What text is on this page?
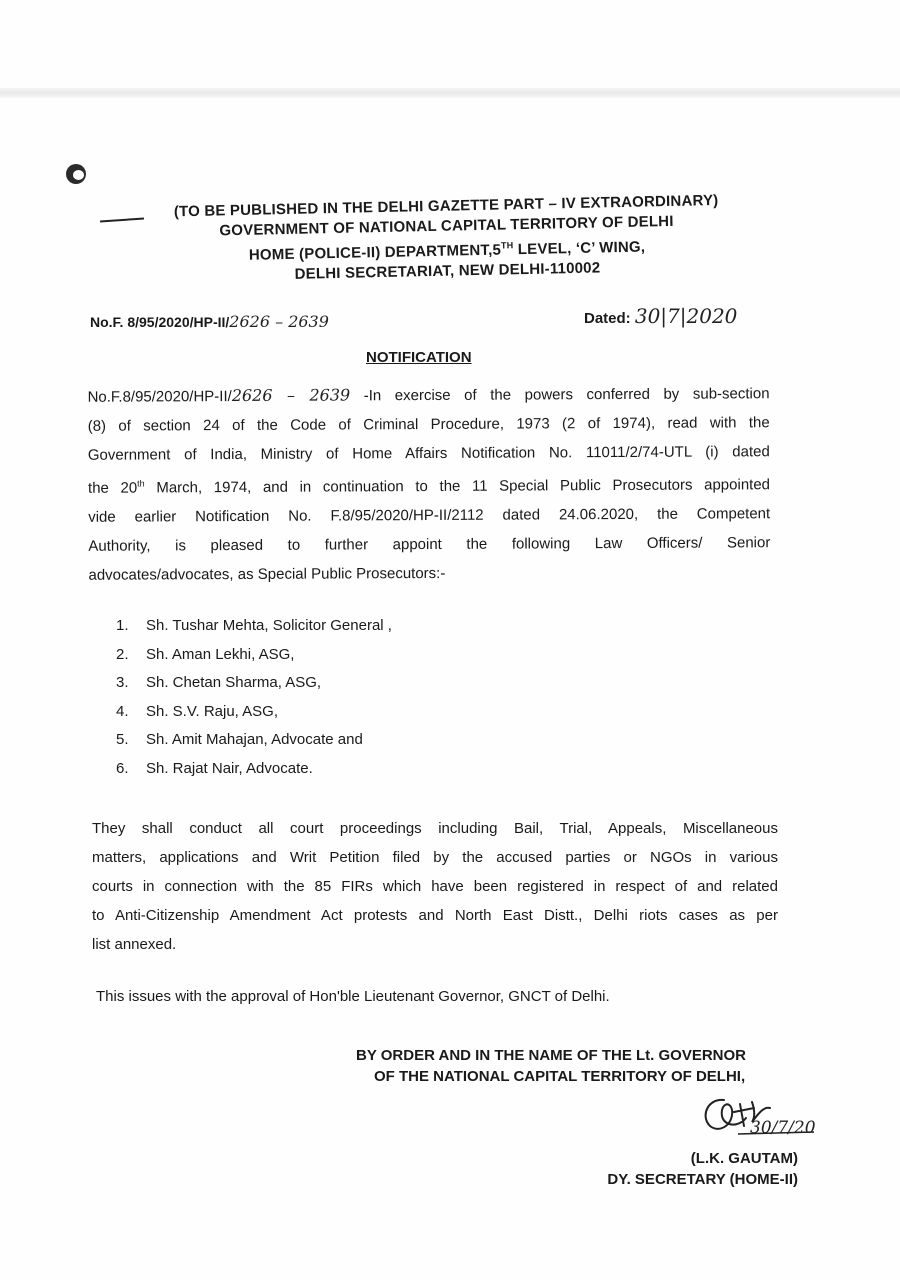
(TO BE PUBLISHED IN THE DELHI GAZETTE PART – IV EXTRAORDINARY)
GOVERNMENT OF NATIONAL CAPITAL TERRITORY OF DELHI
HOME (POLICE-II) DEPARTMENT,5TH LEVEL, ‘C’ WING,
DELHI SECRETARIAT, NEW DELHI-110002
No.F. 8/95/2020/HP-II/2626 – 2639	Dated: 30|7|2020
NOTIFICATION

No.F.8/95/2020/HP-II/2626 – 2639 -In exercise of the powers conferred by sub-section

(8) of section 24 of the Code of Criminal Procedure, 1973 (2 of 1974), read with the

Government of India, Ministry of Home Affairs Notification No. 11011/2/74-UTL (i) dated

the 20th March, 1974, and in continuation to the 11 Special Public Prosecutors appointed

vide earlier Notification No. F.8/95/2020/HP-II/2112 dated 24.06.2020, the Competent

Authority, is pleased to further appoint the following Law Officers/ Senior

advocates/advocates, as Special Public Prosecutors:-

1.	Sh. Tushar Mehta, Solicitor General ,
2.	Sh. Aman Lekhi, ASG,
3.	Sh. Chetan Sharma, ASG,
4.	Sh. S.V. Raju, ASG,
5.	Sh. Amit Mahajan, Advocate and
6.	Sh. Rajat Nair, Advocate.

They shall conduct all court proceedings including Bail, Trial, Appeals, Miscellaneous

matters, applications and Writ Petition filed by the accused parties or NGOs in various

courts in connection with the 85 FIRs which have been registered in respect of and related

to Anti-Citizenship Amendment Act protests and North East Distt., Delhi riots cases as per

list annexed.

This issues with the approval of Hon'ble Lieutenant Governor, GNCT of Delhi.
BY ORDER AND IN THE NAME OF THE Lt. GOVERNOR
OF THE NATIONAL CAPITAL TERRITORY OF DELHI,
30/7/20
(L.K. GAUTAM)
DY. SECRETARY (HOME-II)
